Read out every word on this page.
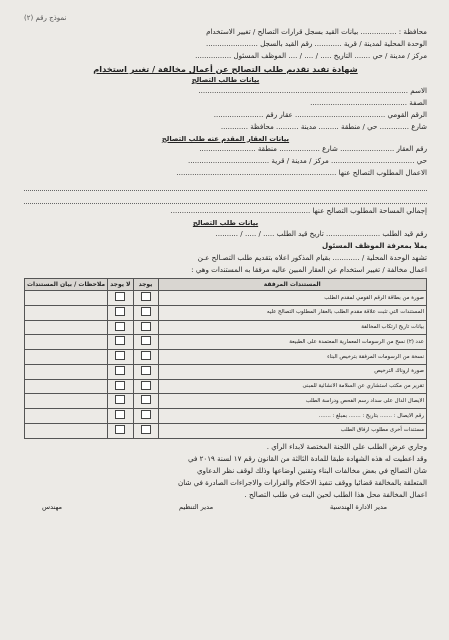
نموذج رقم (٢)
محافظة : ................ بيانات القيد بسجل قرارات التصالح / تغيير الاستخدام
الوحدة المحلية لمدينة / قرية ............ رقم القيد بالسجل .......................
مركز / مدينة / حي ....... التاريخ ..... / .... / .... الموظف المسئول ................
شهادة تفيد تقديم طلب التصالح عن أعمال مخالفة / تغيير استخدام
بيانات طالب التصالح
الاسم .............................................................................................
الصفة ...........................................
الرقم القومي ........................................ عقار رقم ......................
شارع ............. حي / منطقة ......... مدينة .......... محافظة ............
بيانات العقار المقدم عنه طلب التصالح
رقم العقار ........................ شارع .................. منطقة .........................
حي ..................................... مركز / مدينة / قرية ....................................
الاعمال المطلوب التصالح عنها .......................................................................
إجمالي المساحة المطلوب التصالح عنها ..............................................................
بيانات طلب التصالح
رقم قيد الطلب ........................ تاريخ قيد الطلب ..... / ..... / ..........
يملأ بمعرفة الموظف المسئول
تشهد الوحدة المحلية / ............ بقيام المذكور اعلاه بتقديم طلب التصـالح عـن
اعمال مخالفة / تغيير استخدام عن العقار المبين عاليه مرفقا به المستندات وهي :
المستندات المرفقة	يوجد	لا يوجد	ملاحظات / بيان المستندات
صورة من بطاقة الرقم القومي لمقدم الطلب			
المستندات التي تثبت علاقة مقدم الطلب بالعقار المطلوب التصالح عليه			
بيانات تاريخ ارتكاب المخالفة			
عدد (٢) نسخ من الرسومات المعمارية المعتمدة على الطبيعة			
نسخة من الرسومات المرفقة بترخيص البناء			
صورة اروناك الترخيص			
تقرير من مكتب استشاري عن السلامة الانشائية للمبنى			
الايصال الدال على سداد رسم الفحص ودراسة الطلب			
رقم الايصال : ....... بتاريخ : ....... بمبلغ : .......			
مستندات أخرى مطلوب ارفاق الطلب			
وجاري عرض الطلب على اللجنة المختصة لابداء الرأي .
وقد اعطيت له هذه الشهادة طبقا للمادة الثالثة من القانون رقم ١٧ لسنة ٢٠١٩ في
شأن التصالح في بعض مخالفات البناء وتقنين أوضاعها وذلك لوقف نظر الدعاوي
المتعلقة بالمخالفة قضائيا ووقف تنفيذ الاحكام والقرارات والاجراءات الصادرة في شأن
اعمال المخالفة محل هذا الطلب لحين البت في طلب التصالح .
مدير الادارة الهندسية
مدير التنظيم
مهندس
